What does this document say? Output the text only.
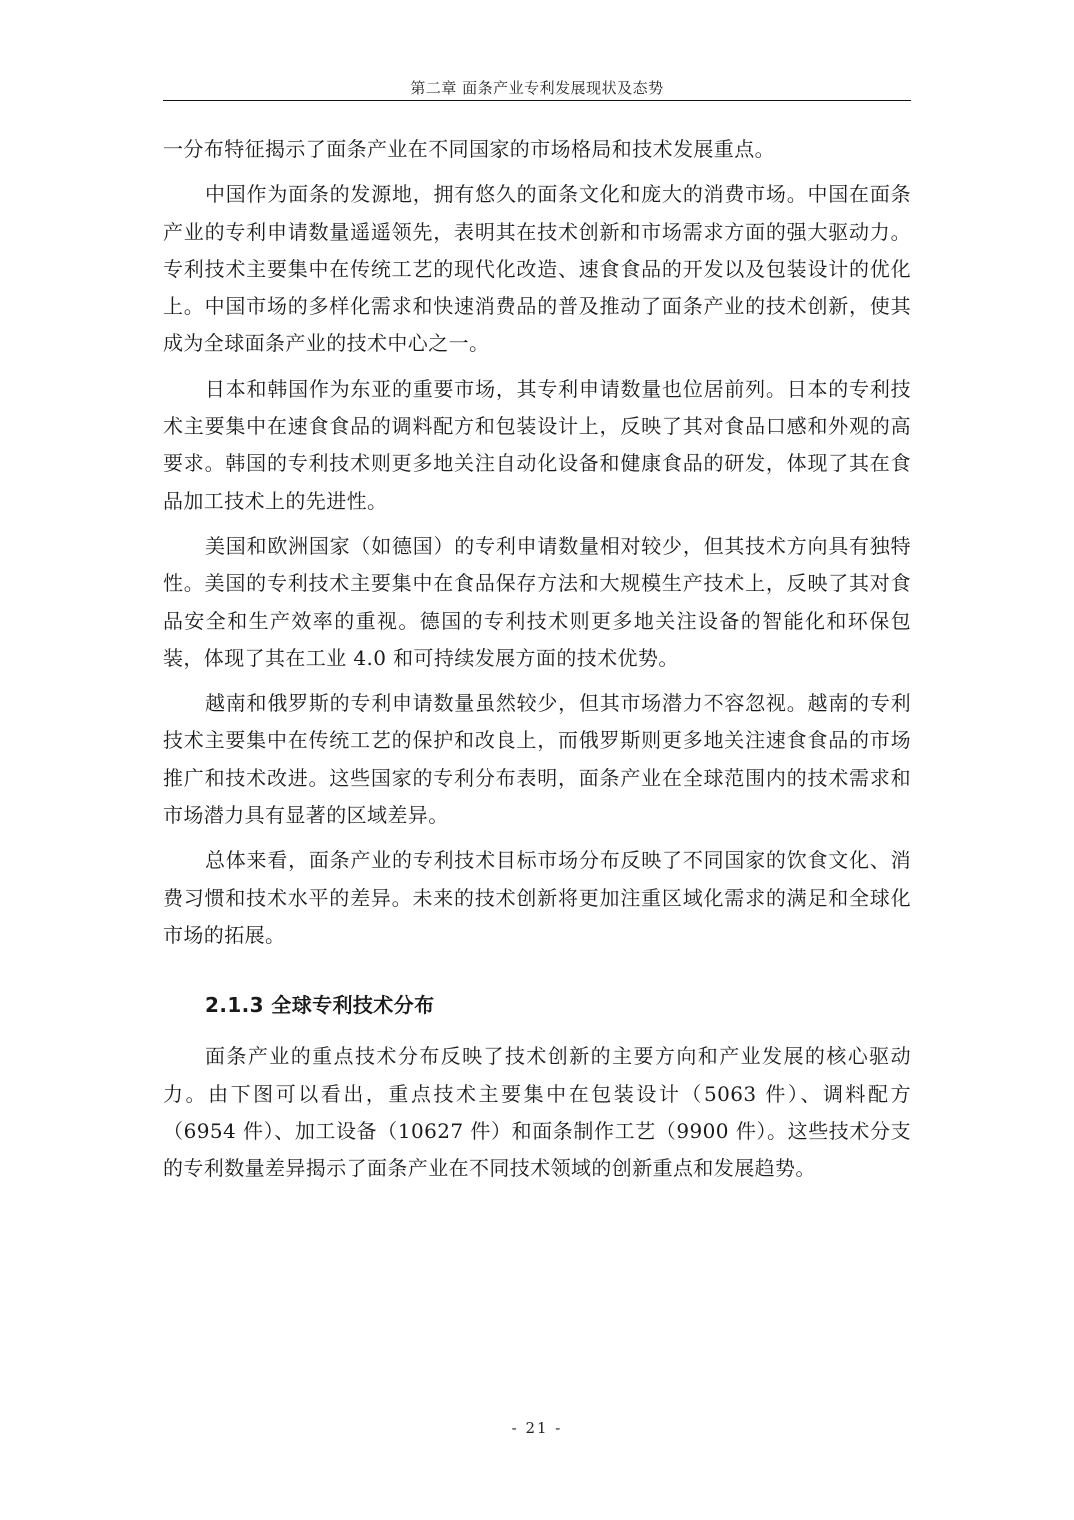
第二章 面条产业专利发展现状及态势

一分布特征揭示了面条产业在不同国家的市场格局和技术发展重点。

中国作为面条的发源地，拥有悠久的面条文化和庞大的消费市场。中国在面条产业的专利申请数量遥遥领先，表明其在技术创新和市场需求方面的强大驱动力。专利技术主要集中在传统工艺的现代化改造、速食食品的开发以及包装设计的优化上。中国市场的多样化需求和快速消费品的普及推动了面条产业的技术创新，使其成为全球面条产业的技术中心之一。

日本和韩国作为东亚的重要市场，其专利申请数量也位居前列。日本的专利技术主要集中在速食食品的调料配方和包装设计上，反映了其对食品口感和外观的高要求。韩国的专利技术则更多地关注自动化设备和健康食品的研发，体现了其在食品加工技术上的先进性。

美国和欧洲国家（如德国）的专利申请数量相对较少，但其技术方向具有独特性。美国的专利技术主要集中在食品保存方法和大规模生产技术上，反映了其对食品安全和生产效率的重视。德国的专利技术则更多地关注设备的智能化和环保包装，体现了其在工业 4.0 和可持续发展方面的技术优势。

越南和俄罗斯的专利申请数量虽然较少，但其市场潜力不容忽视。越南的专利技术主要集中在传统工艺的保护和改良上，而俄罗斯则更多地关注速食食品的市场推广和技术改进。这些国家的专利分布表明，面条产业在全球范围内的技术需求和市场潜力具有显著的区域差异。

总体来看，面条产业的专利技术目标市场分布反映了不同国家的饮食文化、消费习惯和技术水平的差异。未来的技术创新将更加注重区域化需求的满足和全球化市场的拓展。

2.1.3 全球专利技术分布

面条产业的重点技术分布反映了技术创新的主要方向和产业发展的核心驱动力。由下图可以看出，重点技术主要集中在包装设计（5063 件）、调料配方（6954 件）、加工设备（10627 件）和面条制作工艺（9900 件）。这些技术分支的专利数量差异揭示了面条产业在不同技术领域的创新重点和发展趋势。

- 21 -
